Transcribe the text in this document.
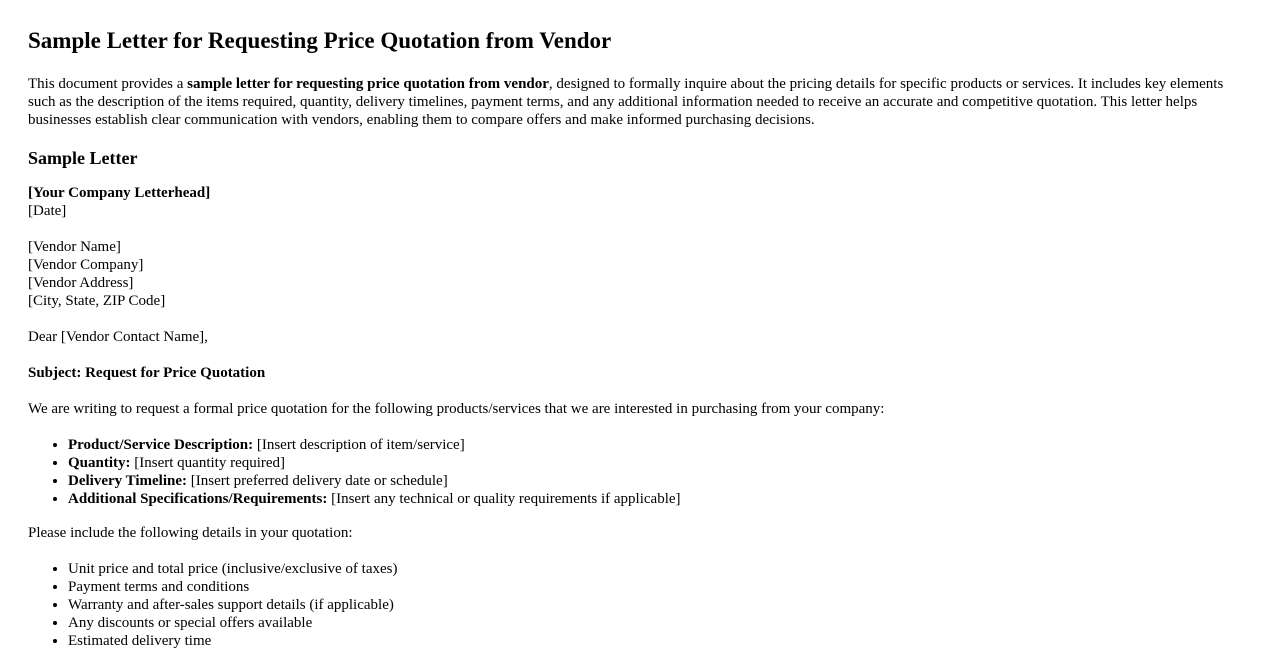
Sample Letter for Requesting Price Quotation from Vendor

This document provides a sample letter for requesting price quotation from vendor, designed to formally inquire about the pricing details for specific products or services. It includes key elements such as the description of the items required, quantity, delivery timelines, payment terms, and any additional information needed to receive an accurate and competitive quotation. This letter helps businesses establish clear communication with vendors, enabling them to compare offers and make informed purchasing decisions.

Sample Letter

[Your Company Letterhead]
[Date]

[Vendor Name]
[Vendor Company]
[Vendor Address]
[City, State, ZIP Code]

Dear [Vendor Contact Name],

Subject: Request for Price Quotation

We are writing to request a formal price quotation for the following products/services that we are interested in purchasing from your company:

• Product/Service Description: [Insert description of item/service]
• Quantity: [Insert quantity required]
• Delivery Timeline: [Insert preferred delivery date or schedule]
• Additional Specifications/Requirements: [Insert any technical or quality requirements if applicable]

Please include the following details in your quotation:

• Unit price and total price (inclusive/exclusive of taxes)
• Payment terms and conditions
• Warranty and after-sales support details (if applicable)
• Any discounts or special offers available
• Estimated delivery time
